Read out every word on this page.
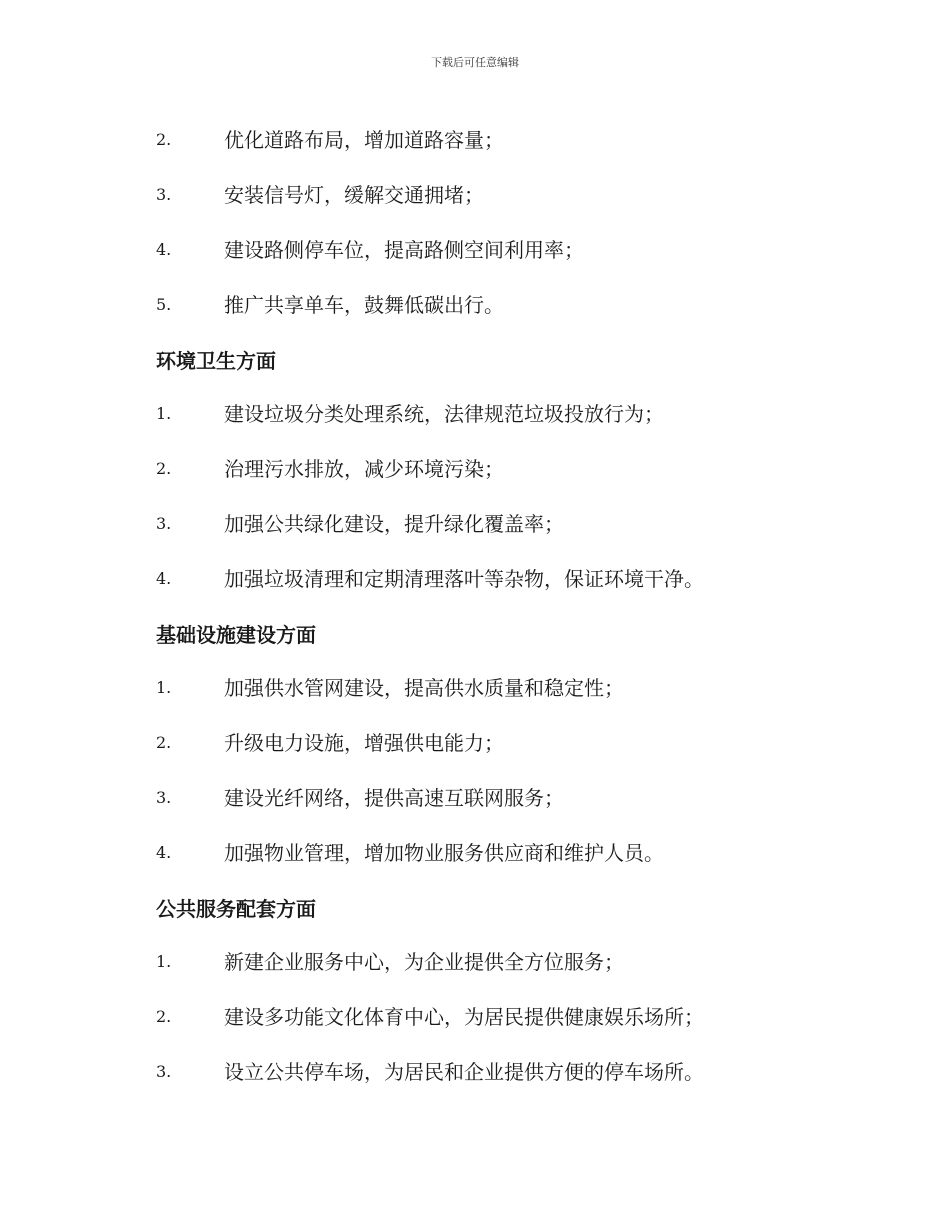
下载后可任意编辑
2.	优化道路布局，增加道路容量；
3.	安装信号灯，缓解交通拥堵；
4.	建设路侧停车位，提高路侧空间利用率；
5.	推广共享单车，鼓舞低碳出行。
环境卫生方面
1.	建设垃圾分类处理系统，法律规范垃圾投放行为；
2.	治理污水排放，减少环境污染；
3.	加强公共绿化建设，提升绿化覆盖率；
4.	加强垃圾清理和定期清理落叶等杂物，保证环境干净。
基础设施建设方面
1.	加强供水管网建设，提高供水质量和稳定性；
2.	升级电力设施，增强供电能力；
3.	建设光纤网络，提供高速互联网服务；
4.	加强物业管理，增加物业服务供应商和维护人员。
公共服务配套方面
1.	新建企业服务中心，为企业提供全方位服务；
2.	建设多功能文化体育中心，为居民提供健康娱乐场所；
3.	设立公共停车场，为居民和企业提供方便的停车场所。
